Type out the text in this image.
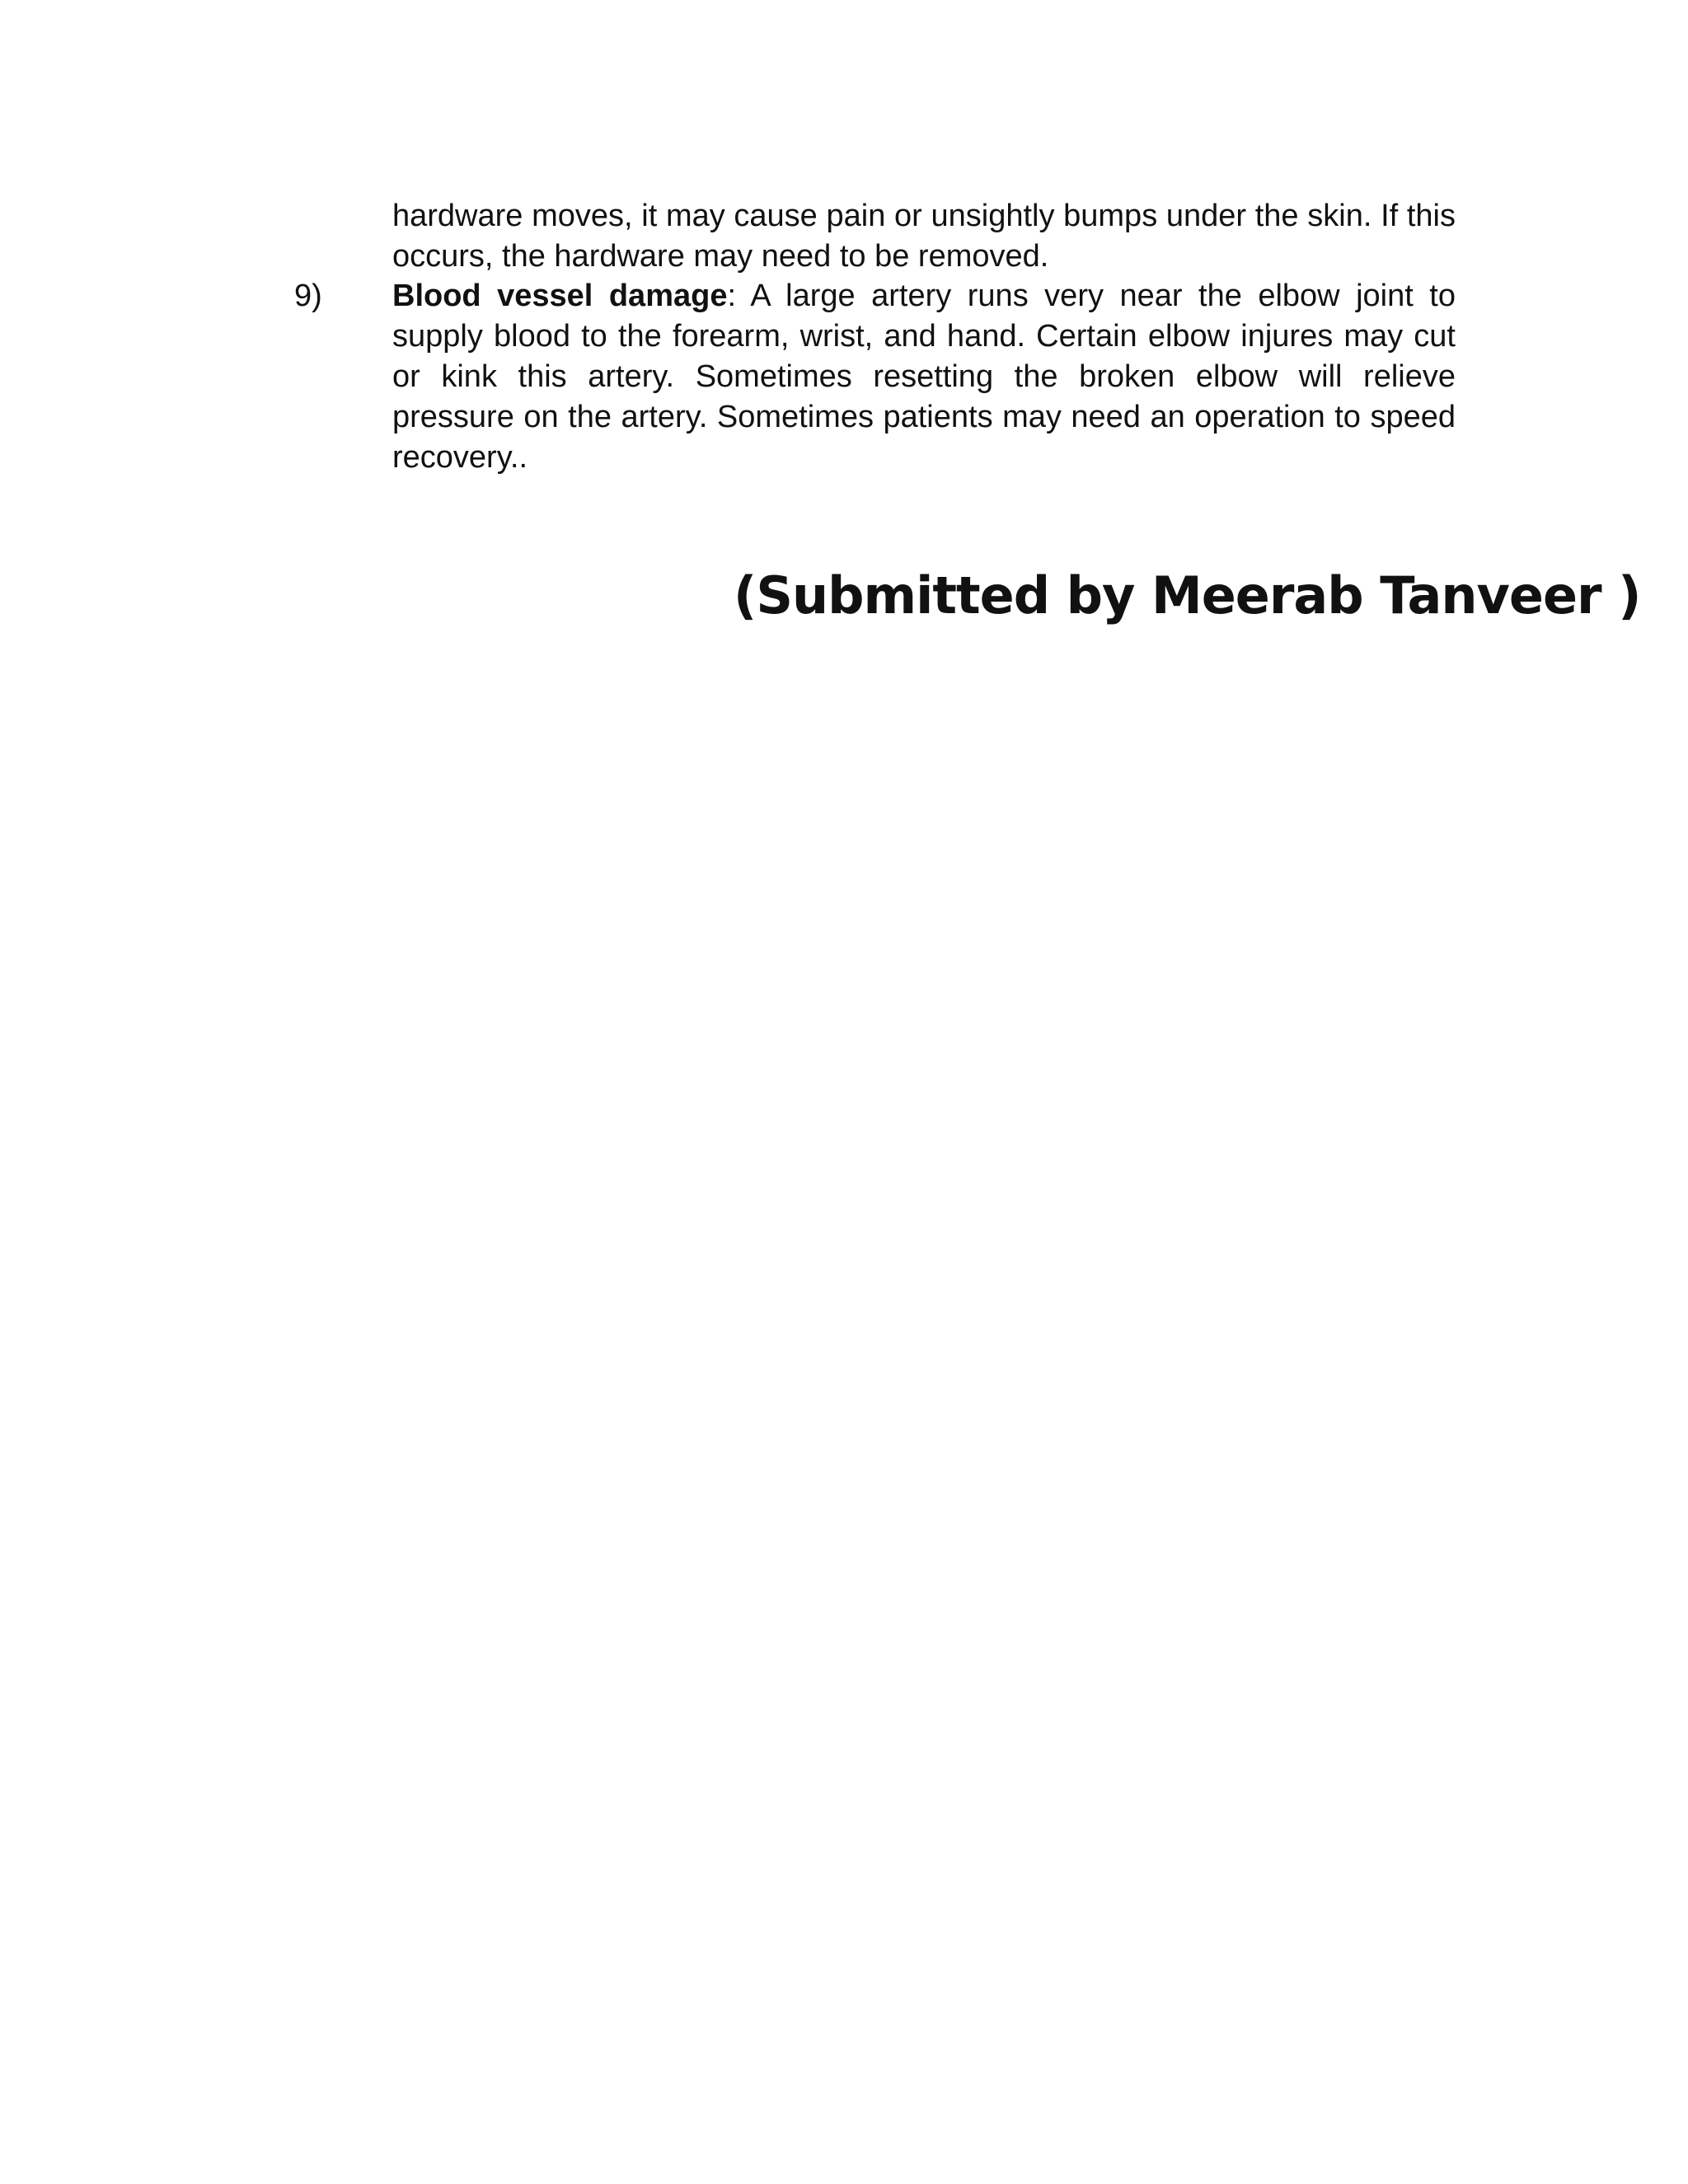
hardware moves, it may cause pain or unsightly bumps under the skin. If this occurs, the hardware may need to be removed.
9) Blood vessel damage: A large artery runs very near the elbow joint to supply blood to the forearm, wrist, and hand. Certain elbow injures may cut or kink this artery. Sometimes resetting the broken elbow will relieve pressure on the artery. Sometimes patients may need an operation to speed recovery..
(Submitted by Meerab Tanveer )
